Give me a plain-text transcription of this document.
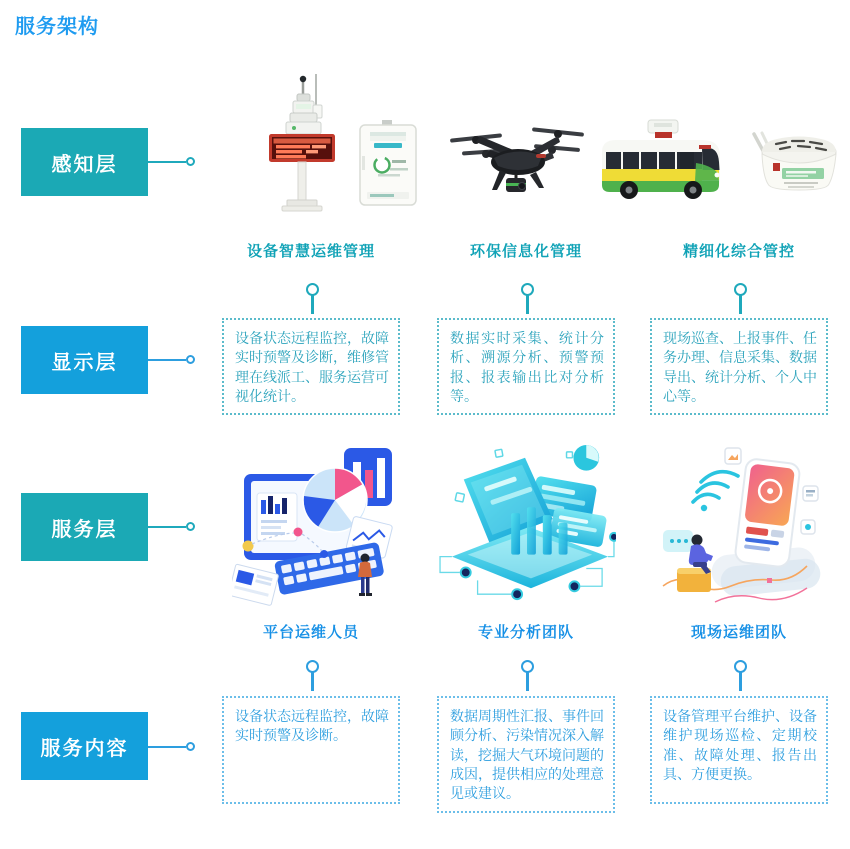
服务架构
感知层
显示层
服务层
服务内容
设备智慧运维管理	环保信息化管理	精细化综合管控
设备状态远程监控，故障实时预警及诊断，维修管理在线派工、服务运营可视化统计。
数据实时采集、统计分析、溯源分析、预警预报、报表输出比对分析等。
现场巡查、上报事件、任务办理、信息采集、数据导出、统计分析、个人中心等。
平台运维人员	专业分析团队	现场运维团队
设备状态远程监控，故障实时预警及诊断。
数据周期性汇报、事件回顾分析、污染情况深入解读，挖掘大气环境问题的成因，提供相应的处理意见或建议。
设备管理平台维护、设备维护现场巡检、定期校准、故障处理、报告出具、方便更换。
